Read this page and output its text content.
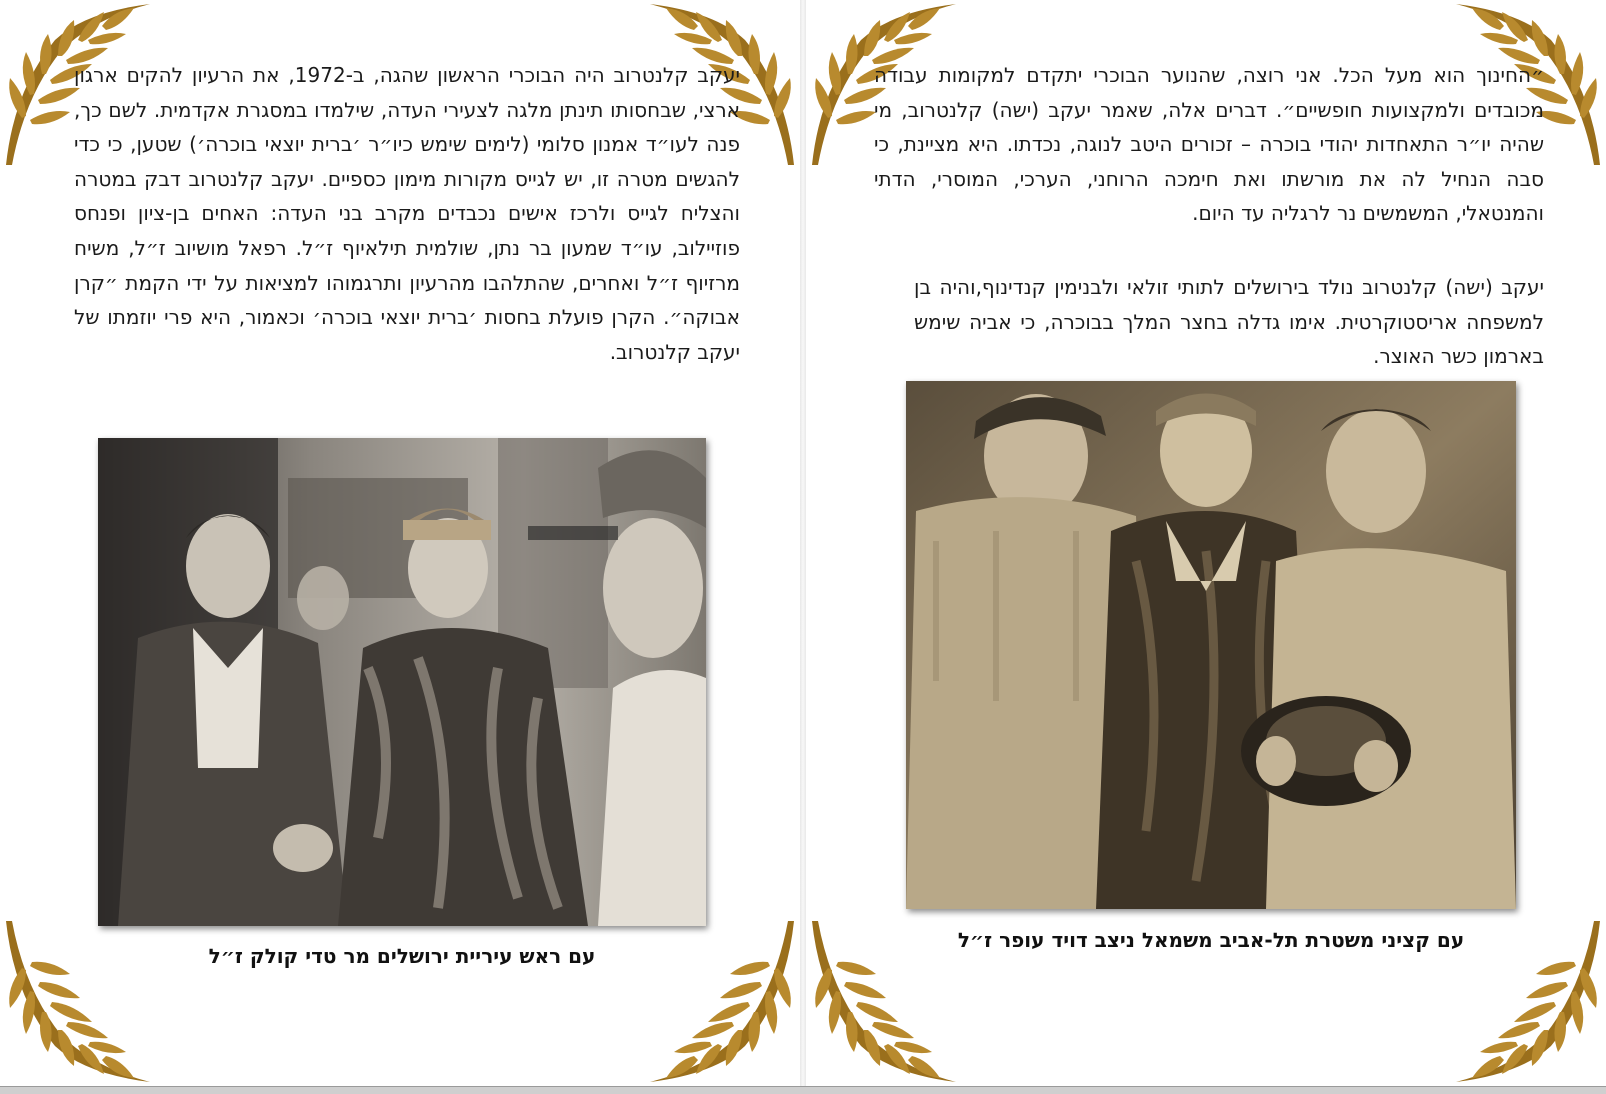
יעקב קלנטרוב היה הבוכרי הראשון שהגה, ב-1972, את הרעיון להקים ארגון ארצי, שבחסותו תינתן מלגה לצעירי העדה, שילמדו במסגרת אקדמית. לשם כך, פנה לעו״ד אמנון סלומי (לימים שימש כיו״ר ׳ברית יוצאי בוכרה׳) שטען, כי כדי להגשים מטרה זו, יש לגייס מקורות מימון כספיים. יעקב קלנטרוב דבק במטרה והצליח לגייס ולרכז אישים נכבדים מקרב בני העדה: האחים בן-ציון ופנחס פוזיילוב, עו״ד שמעון בר נתן, שולמית תילאיוף ז״ל. רפאל מושיוב ז״ל, משיח מרזיוף ז״ל ואחרים, שהתלהבו מהרעיון ותרגמוהו למציאות על ידי הקמת ״קרן אבוקה״. הקרן פועלת בחסות ׳ברית יוצאי בוכרה׳ וכאמור, היא פרי יוזמתו של יעקב קלנטרוב.

עם ראש עיריית ירושלים מר טדי קולק ז״ל

״החינוך הוא מעל הכל. אני רוצה, שהנוער הבוכרי יתקדם למקומות עבודה מכובדים ולמקצועות חופשיים״. דברים אלה, שאמר יעקב (ישה) קלנטרוב, מי שהיה יו״ר התאחדות יהודי בוכרה – זכורים היטב לנוגה, נכדתו. היא מציינת, כי סבה הנחיל לה את מורשתו ואת חימכה הרוחני, הערכי, המוסרי, הדתי והמנטאלי, המשמשים נר לרגליה עד היום.

יעקב (ישה) קלנטרוב נולד בירושלים לתותי זולאי ולבנימין קנדינוף,והיה בן למשפחה אריסטוקרטית. אימו גדלה בחצר המלך בבוכרה, כי אביה שימש בארמון כשר האוצר.

עם קציני משטרת תל-אביב משמאל ניצב דויד עופר ז״ל
